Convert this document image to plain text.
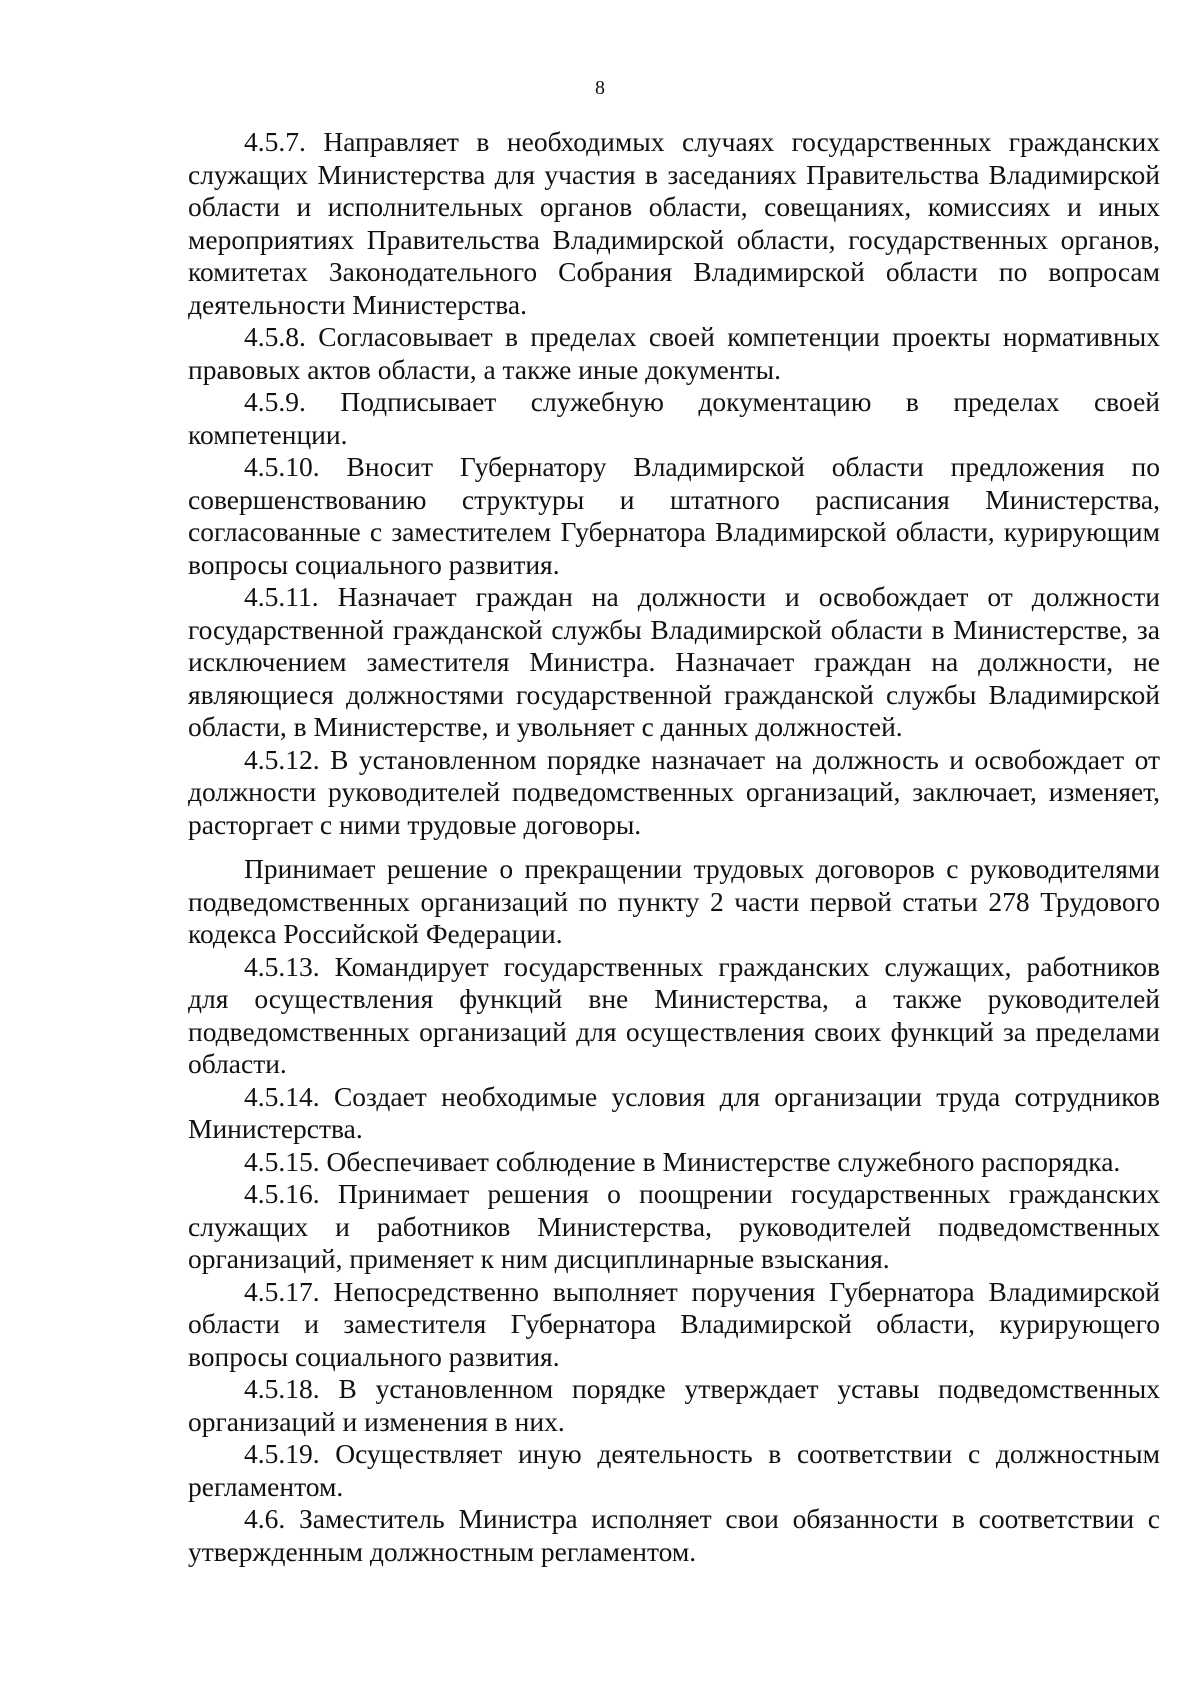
8

4.5.7. Направляет в необходимых случаях государственных гражданских служащих Министерства для участия в заседаниях Правительства Владимирской области и исполнительных органов области, совещаниях, комиссиях и иных мероприятиях Правительства Владимирской области, государственных органов, комитетах Законодательного Собрания Владимирской области по вопросам деятельности Министерства.

4.5.8. Согласовывает в пределах своей компетенции проекты нормативных правовых актов области, а также иные документы.

4.5.9. Подписывает служебную документацию в пределах своей компетенции.

4.5.10. Вносит Губернатору Владимирской области предложения по совершенствованию структуры и штатного расписания Министерства, согласованные с заместителем Губернатора Владимирской области, курирующим вопросы социального развития.

4.5.11. Назначает граждан на должности и освобождает от должности государственной гражданской службы Владимирской области в Министерстве, за исключением заместителя Министра. Назначает граждан на должности, не являющиеся должностями государственной гражданской службы Владимирской области, в Министерстве, и увольняет с данных должностей.

4.5.12. В установленном порядке назначает на должность и освобождает от должности руководителей подведомственных организаций, заключает, изменяет, расторгает с ними трудовые договоры.

Принимает решение о прекращении трудовых договоров с руководителями подведомственных организаций по пункту 2 части первой статьи 278 Трудового кодекса Российской Федерации.

4.5.13. Командирует государственных гражданских служащих, работников для осуществления функций вне Министерства, а также руководителей подведомственных организаций для осуществления своих функций за пределами области.

4.5.14. Создает необходимые условия для организации труда сотрудников Министерства.

4.5.15. Обеспечивает соблюдение в Министерстве служебного распорядка.

4.5.16. Принимает решения о поощрении государственных гражданских служащих и работников Министерства, руководителей подведомственных организаций, применяет к ним дисциплинарные взыскания.

4.5.17. Непосредственно выполняет поручения Губернатора Владимирской области и заместителя Губернатора Владимирской области, курирующего вопросы социального развития.

4.5.18. В установленном порядке утверждает уставы подведомственных организаций и изменения в них.

4.5.19. Осуществляет иную деятельность в соответствии с должностным регламентом.

4.6. Заместитель Министра исполняет свои обязанности в соответствии с утвержденным должностным регламентом.
